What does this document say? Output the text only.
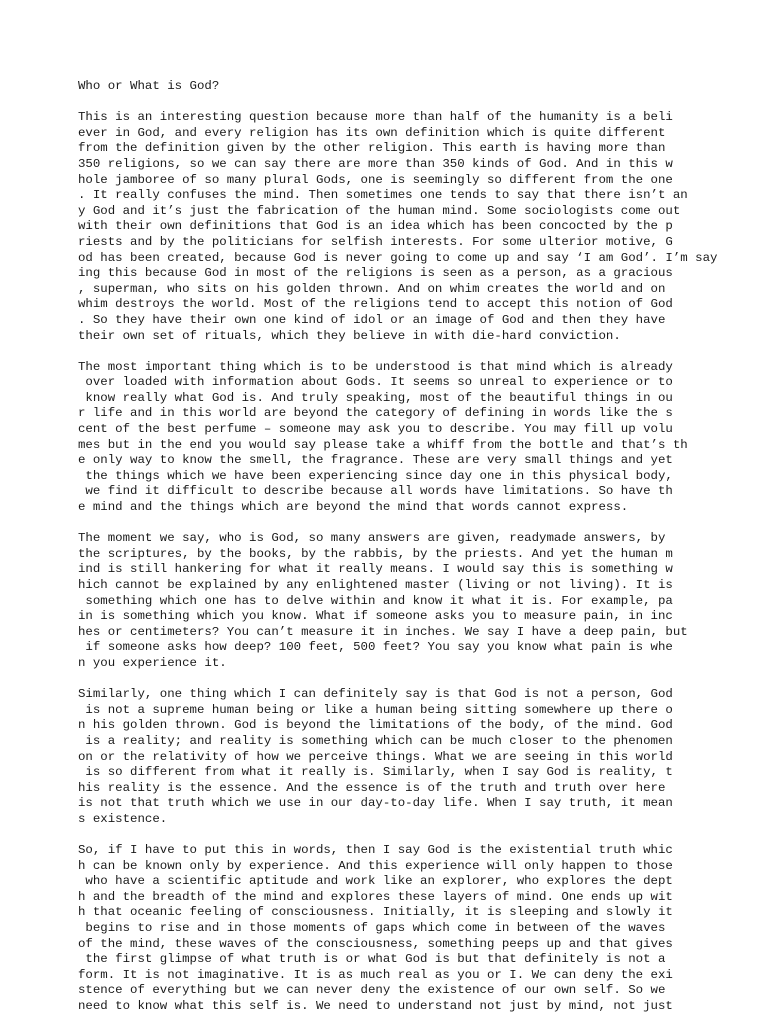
Who or What is God?
This is an interesting question because more than half of the humanity is a beli
ever in God, and every religion has its own definition which is quite different
from the definition given by the other religion. This earth is having more than
350 religions, so we can say there are more than 350 kinds of God. And in this w
hole jamboree of so many plural Gods, one is seemingly so different from the one
. It really confuses the mind. Then sometimes one tends to say that there isn’t an
y God and it’s just the fabrication of the human mind. Some sociologists come out
with their own definitions that God is an idea which has been concocted by the p
riests and by the politicians for selfish interests. For some ulterior motive, G
od has been created, because God is never going to come up and say ‘I am God’. I’m say
ing this because God in most of the religions is seen as a person, as a gracious
, superman, who sits on his golden thrown. And on whim creates the world and on
whim destroys the world. Most of the religions tend to accept this notion of God
. So they have their own one kind of idol or an image of God and then they have
their own set of rituals, which they believe in with die-hard conviction.
The most important thing which is to be understood is that mind which is already
over loaded with information about Gods. It seems so unreal to experience or to
know really what God is. And truly speaking, most of the beautiful things in ou
r life and in this world are beyond the category of defining in words like the s
cent of the best perfume – someone may ask you to describe. You may fill up volu
mes but in the end you would say please take a whiff from the bottle and that’s th
e only way to know the smell, the fragrance. These are very small things and yet
the things which we have been experiencing since day one in this physical body,
we find it difficult to describe because all words have limitations. So have th
e mind and the things which are beyond the mind that words cannot express.
The moment we say, who is God, so many answers are given, readymade answers, by
the scriptures, by the books, by the rabbis, by the priests. And yet the human m
ind is still hankering for what it really means. I would say this is something w
hich cannot be explained by any enlightened master (living or not living). It is
something which one has to delve within and know it what it is. For example, pa
in is something which you know. What if someone asks you to measure pain, in inc
hes or centimeters? You can’t measure it in inches. We say I have a deep pain, but
if someone asks how deep? 100 feet, 500 feet? You say you know what pain is whe
n you experience it.
Similarly, one thing which I can definitely say is that God is not a person, God
is not a supreme human being or like a human being sitting somewhere up there o
n his golden thrown. God is beyond the limitations of the body, of the mind. God
is a reality; and reality is something which can be much closer to the phenomen
on or the relativity of how we perceive things. What we are seeing in this world
is so different from what it really is. Similarly, when I say God is reality, t
his reality is the essence. And the essence is of the truth and truth over here
is not that truth which we use in our day-to-day life. When I say truth, it mean
s existence.
So, if I have to put this in words, then I say God is the existential truth whic
h can be known only by experience. And this experience will only happen to those
who have a scientific aptitude and work like an explorer, who explores the dept
h and the breadth of the mind and explores these layers of mind. One ends up wit
h that oceanic feeling of consciousness. Initially, it is sleeping and slowly it
begins to rise and in those moments of gaps which come in between of the waves
of the mind, these waves of the consciousness, something peeps up and that gives
the first glimpse of what truth is or what God is but that definitely is not a
form. It is not imaginative. It is as much real as you or I. We can deny the exi
stence of everything but we can never deny the existence of our own self. So we
need to know what this self is. We need to understand not just by mind, not just
